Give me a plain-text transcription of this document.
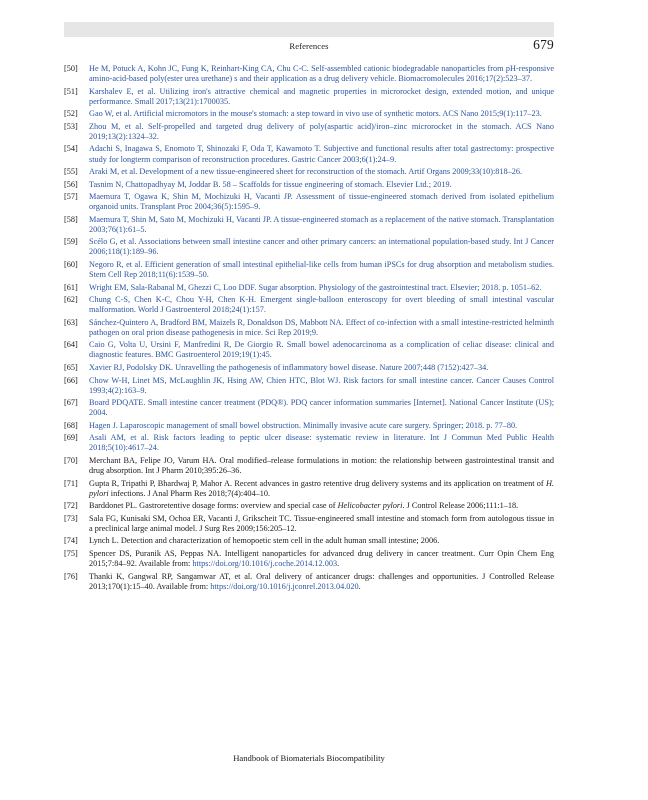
References	679
[50] He M, Potuck A, Kohn JC, Fung K, Reinhart-King CA, Chu C-C. Self-assembled cationic biodegradable nanoparticles from pH-responsive amino-acid-based poly(ester urea urethane) s and their application as a drug delivery vehicle. Biomacromolecules 2016;17(2):523–37.
[51] Karshalev E, et al. Utilizing iron's attractive chemical and magnetic properties in microrocket design, extended motion, and unique performance. Small 2017;13(21):1700035.
[52] Gao W, et al. Artificial micromotors in the mouse's stomach: a step toward in vivo use of synthetic motors. ACS Nano 2015;9(1):117–23.
[53] Zhou M, et al. Self-propelled and targeted drug delivery of poly(aspartic acid)/iron–zinc microrocket in the stomach. ACS Nano 2019;13(2):1324–32.
[54] Adachi S, Inagawa S, Enomoto T, Shinozaki F, Oda T, Kawamoto T. Subjective and functional results after total gastrectomy: prospective study for longterm comparison of reconstruction procedures. Gastric Cancer 2003;6(1):24–9.
[55] Araki M, et al. Development of a new tissue-engineered sheet for reconstruction of the stomach. Artif Organs 2009;33(10):818–26.
[56] Tasnim N, Chattopadhyay M, Joddar B. 58 – Scaffolds for tissue engineering of stomach. Elsevier Ltd.; 2019.
[57] Maemura T, Ogawa K, Shin M, Mochizuki H, Vacanti JP. Assessment of tissue-engineered stomach derived from isolated epithelium organoid units. Transplant Proc 2004;36(5):1595–9.
[58] Maemura T, Shin M, Sato M, Mochizuki H, Vacanti JP. A tissue-engineered stomach as a replacement of the native stomach. Transplantation 2003;76(1):61–5.
[59] Scélo G, et al. Associations between small intestine cancer and other primary cancers: an international population-based study. Int J Cancer 2006;118(1):189–96.
[60] Negoro R, et al. Efficient generation of small intestinal epithelial-like cells from human iPSCs for drug absorption and metabolism studies. Stem Cell Rep 2018;11(6):1539–50.
[61] Wright EM, Sala-Rabanal M, Ghezzi C, Loo DDF. Sugar absorption. Physiology of the gastrointestinal tract. Elsevier; 2018. p. 1051–62.
[62] Chung C-S, Chen K-C, Chou Y-H, Chen K-H. Emergent single-balloon enteroscopy for overt bleeding of small intestinal vascular malformation. World J Gastroenterol 2018;24(1):157.
[63] Sánchez-Quintero A, Bradford BM, Maizels R, Donaldson DS, Mabbott NA. Effect of co-infection with a small intestine-restricted helminth pathogen on oral prion disease pathogenesis in mice. Sci Rep 2019;9.
[64] Caio G, Volta U, Ursini F, Manfredini R, De Giorgio R. Small bowel adenocarcinoma as a complication of celiac disease: clinical and diagnostic features. BMC Gastroenterol 2019;19(1):45.
[65] Xavier RJ, Podolsky DK. Unravelling the pathogenesis of inflammatory bowel disease. Nature 2007;448 (7152):427–34.
[66] Chow W-H, Linet MS, McLaughlin JK, Hsing AW, Chien HTC, Blot WJ. Risk factors for small intestine cancer. Cancer Causes Control 1993;4(2):163–9.
[67] Board PDQATE. Small intestine cancer treatment (PDQ®). PDQ cancer information summaries [Internet]. National Cancer Institute (US); 2004.
[68] Hagen J. Laparoscopic management of small bowel obstruction. Minimally invasive acute care surgery. Springer; 2018. p. 77–80.
[69] Asali AM, et al. Risk factors leading to peptic ulcer disease: systematic review in literature. Int J Commun Med Public Health 2018;5(10):4617–24.
[70] Merchant BA, Felipe JO, Varum HA. Oral modified–release formulations in motion: the relationship between gastrointestinal transit and drug absorption. Int J Pharm 2010;395:26–36.
[71] Gupta R, Tripathi P, Bhardwaj P, Mahor A. Recent advances in gastro retentive drug delivery systems and its application on treatment of H. pylori infections. J Anal Pharm Res 2018;7(4):404–10.
[72] Barddonet PL. Gastroretentive dosage forms: overview and special case of Helicobacter pylori. J Control Release 2006;111:1–18.
[73] Sala FG, Kunisaki SM, Ochoa ER, Vacanti J, Grikscheit TC. Tissue-engineered small intestine and stomach form from autologous tissue in a preclinical large animal model. J Surg Res 2009;156:205–12.
[74] Lynch L. Detection and characterization of hemopoetic stem cell in the adult human small intestine; 2006.
[75] Spencer DS, Puranik AS, Peppas NA. Intelligent nanoparticles for advanced drug delivery in cancer treatment. Curr Opin Chem Eng 2015;7:84–92. Available from: https://doi.org/10.1016/j.coche.2014.12.003.
[76] Thanki K, Gangwal RP, Sangamwar AT, et al. Oral delivery of anticancer drugs: challenges and opportunities. J Controlled Release 2013;170(1):15–40. Available from: https://doi.org/10.1016/j.jconrel.2013.04.020.
Handbook of Biomaterials Biocompatibility
